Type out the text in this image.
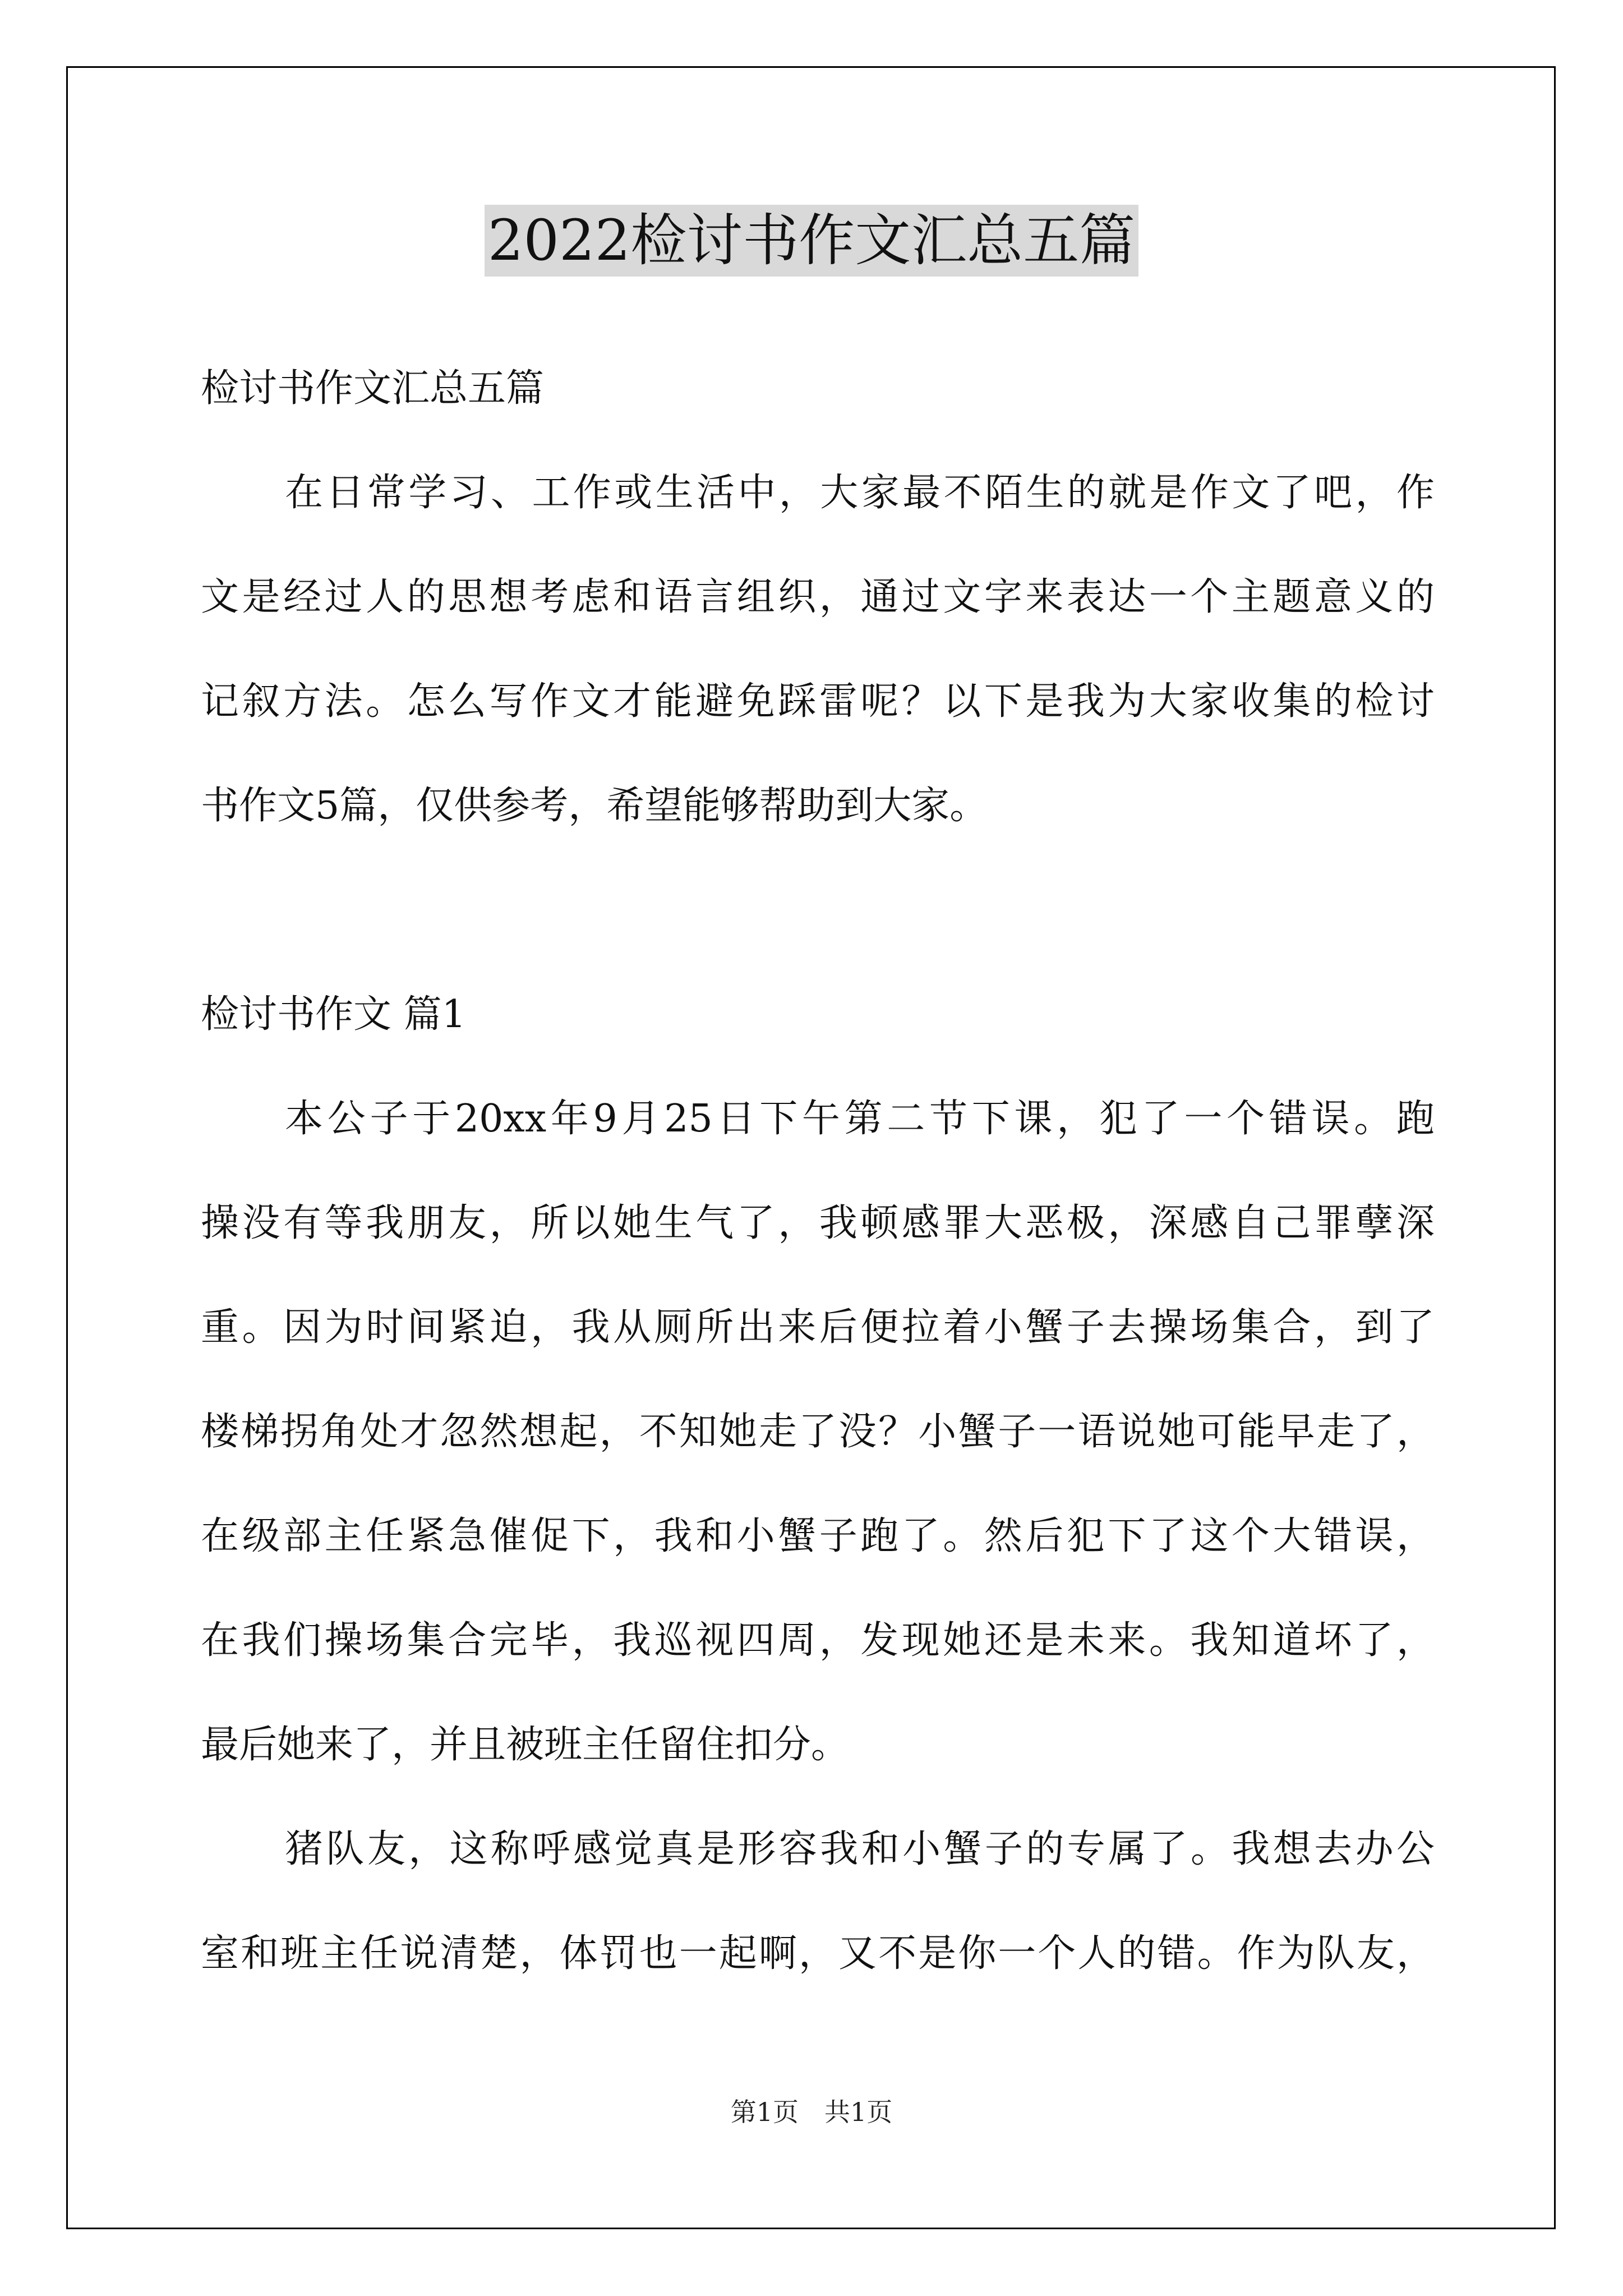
2022检讨书作文汇总五篇
检讨书作文汇总五篇
在日常学习、工作或生活中，大家最不陌生的就是作文了吧，作
文是经过人的思想考虑和语言组织，通过文字来表达一个主题意义的
记叙方法。怎么写作文才能避免踩雷呢？以下是我为大家收集的检讨
书作文5篇，仅供参考，希望能够帮助到大家。
检讨书作文 篇1
本公子于20xx年9月25日下午第二节下课，犯了一个错误。跑
操没有等我朋友，所以她生气了，我顿感罪大恶极，深感自己罪孽深
重。因为时间紧迫，我从厕所出来后便拉着小蟹子去操场集合，到了
楼梯拐角处才忽然想起，不知她走了没？小蟹子一语说她可能早走了，
在级部主任紧急催促下，我和小蟹子跑了。然后犯下了这个大错误，
在我们操场集合完毕，我巡视四周，发现她还是未来。我知道坏了，
最后她来了，并且被班主任留住扣分。
猪队友，这称呼感觉真是形容我和小蟹子的专属了。我想去办公
室和班主任说清楚，体罚也一起啊，又不是你一个人的错。作为队友，
第1页　共1页
